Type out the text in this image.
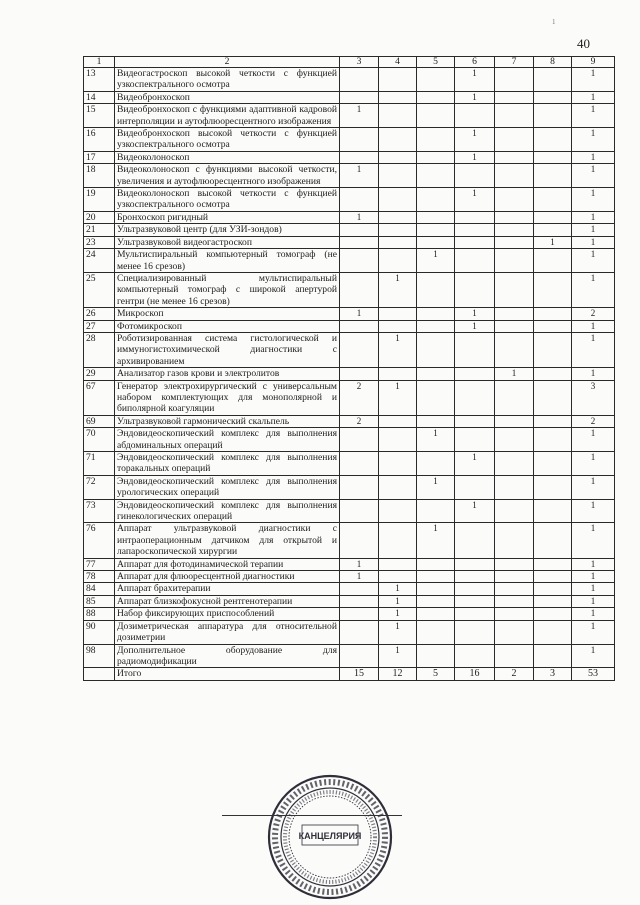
1
40
1	2	3	4	5	6	7	8	9
13	Видеогастроскоп высокой четкости с функцией узкоспектрального осмотра				1			1
14	Видеобронхоскоп				1			1
15	Видеобронхоскоп с функциями адаптивной кадровой интерполяции и аутофлюоресцентного изображения	1						1
16	Видеобронхоскоп высокой четкости с функцией узкоспектрального осмотра				1			1
17	Видеоколоноскоп				1			1
18	Видеоколоноскоп с функциями высокой четкости, увеличения и аутофлюоресцентного изображения	1						1
19	Видеоколоноскоп высокой четкости с функцией узкоспектрального осмотра				1			1
20	Бронхоскоп ригидный	1						1
21	Ультразвуковой центр (для УЗИ-зондов)							1
23	Ультразвуковой видеогастроскоп						1	1
24	Мультиспиральный компьютерный томограф (не менее 16 срезов)			1				1
25	Специализированный мультиспиральный компьютерный томограф с широкой апертурой гентри (не менее 16 срезов)		1					1
26	Микроскоп	1			1			2
27	Фотомикроскоп				1			1
28	Роботизированная система гистологической и иммуногистохимической диагностики с архивированием		1					1
29	Анализатор газов крови и электролитов					1		1
67	Генератор электрохирургический с универсальным набором комплектующих для монополярной и биполярной коагуляции	2	1					3
69	Ультразвуковой гармонический скальпель	2						2
70	Эндовидеоскопический комплекс для выполнения абдоминальных операций			1				1
71	Эндовидеоскопический комплекс для выполнения торакальных операций				1			1
72	Эндовидеоскопический комплекс для выполнения урологических операций			1				1
73	Эндовидеоскопический комплекс для выполнения гинекологических операций				1			1
76	Аппарат ультразвуковой диагностики с интраоперационным датчиком для открытой и лапароскопической хирургии			1				1
77	Аппарат для фотодинамической терапии	1						1
78	Аппарат для флюоресцентной диагностики	1						1
84	Аппарат брахитерапии		1					1
85	Аппарат близкофокусной рентгенотерапии		1					1
88	Набор фиксирующих приспособлений		1					1
90	Дозиметрическая аппаратура для относительной дозиметрии		1					1
98	Дополнительное оборудование для радиомодификации		1					1
	Итого	15	12	5	16	2	3	53
КАНЦЕЛЯРИЯ
